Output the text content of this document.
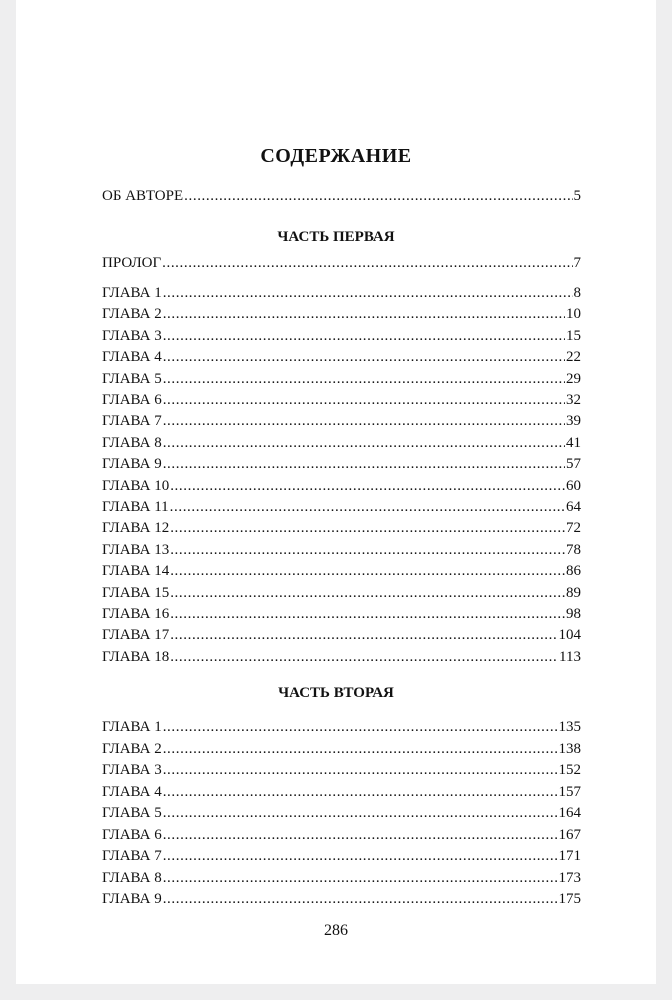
СОДЕРЖАНИЕ
ОБ АВТОРЕ .....	5
ЧАСТЬ ПЕРВАЯ
ПРОЛОГ .....	7
ГЛАВА 1 .....	8
ГЛАВА 2 .....	10
ГЛАВА 3 .....	15
ГЛАВА 4 .....	22
ГЛАВА 5 .....	29
ГЛАВА 6 .....	32
ГЛАВА 7 .....	39
ГЛАВА 8 .....	41
ГЛАВА 9 .....	57
ГЛАВА 10 .....	60
ГЛАВА 11 .....	64
ГЛАВА 12 .....	72
ГЛАВА 13 .....	78
ГЛАВА 14 .....	86
ГЛАВА 15 .....	89
ГЛАВА 16 .....	98
ГЛАВА 17 .....	104
ГЛАВА 18 .....	113
ЧАСТЬ ВТОРАЯ
ГЛАВА 1 .....	135
ГЛАВА 2 .....	138
ГЛАВА 3 .....	152
ГЛАВА 4 .....	157
ГЛАВА 5 .....	164
ГЛАВА 6 .....	167
ГЛАВА 7 .....	171
ГЛАВА 8 .....	173
ГЛАВА 9 .....	175
286
